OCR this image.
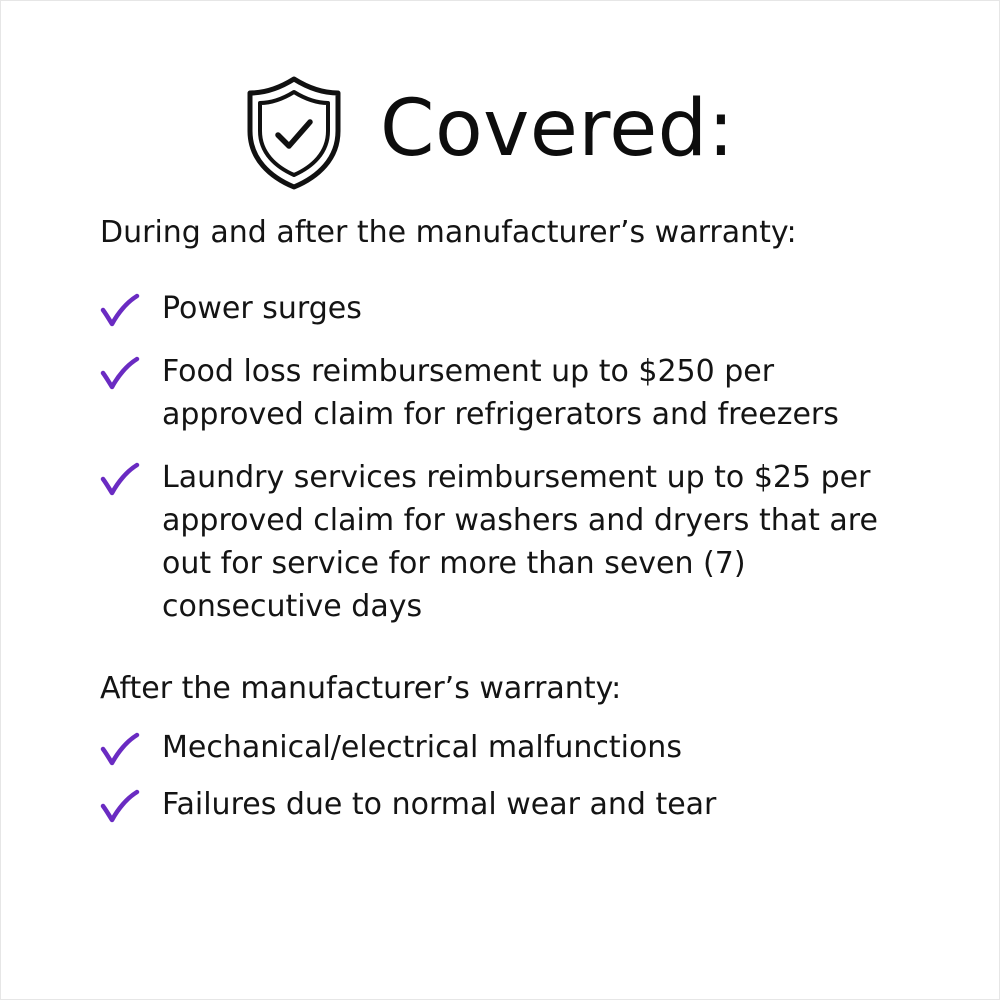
Covered:
During and after the manufacturer’s warranty:
Power surges
Food loss reimbursement up to $250 per approved claim for refrigerators and freezers
Laundry services reimbursement up to $25 per approved claim for washers and dryers that are out for service for more than seven (7) consecutive days
After the manufacturer’s warranty:
Mechanical/electrical malfunctions
Failures due to normal wear and tear
